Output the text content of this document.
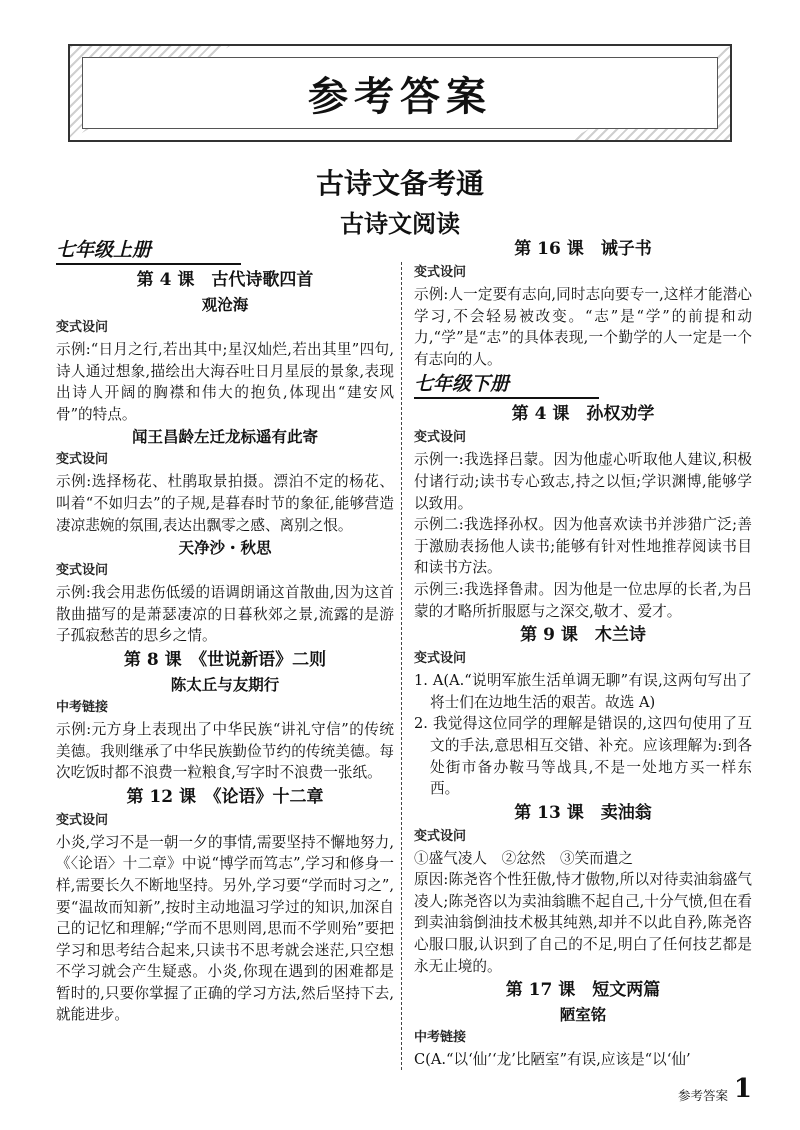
参考答案
古诗文备考通
古诗文阅读
七年级上册
第 4 课　古代诗歌四首
观沧海
变式设问
示例:“日月之行,若出其中;星汉灿烂,若出其里”四句,诗人通过想象,描绘出大海吞吐日月星辰的景象,表现出诗人开阔的胸襟和伟大的抱负,体现出“建安风骨”的特点。
闻王昌龄左迁龙标遥有此寄
变式设问
示例:选择杨花、杜鹃取景拍摄。漂泊不定的杨花、叫着“不如归去”的子规,是暮春时节的象征,能够营造凄凉悲婉的氛围,表达出飘零之感、离别之恨。
天净沙・秋思
变式设问
示例:我会用悲伤低缓的语调朗诵这首散曲,因为这首散曲描写的是萧瑟凄凉的日暮秋郊之景,流露的是游子孤寂愁苦的思乡之情。
第 8 课　《世说新语》二则
陈太丘与友期行
中考链接
示例:元方身上表现出了中华民族“讲礼守信”的传统美德。我则继承了中华民族勤俭节约的传统美德。每次吃饭时都不浪费一粒粮食,写字时不浪费一张纸。
第 12 课　《论语》十二章
变式设问
小炎,学习不是一朝一夕的事情,需要坚持不懈地努力,《〈论语〉十二章》中说“博学而笃志”,学习和修身一样,需要长久不断地坚持。另外,学习要“学而时习之”,要“温故而知新”,按时主动地温习学过的知识,加深自己的记忆和理解;“学而不思则罔,思而不学则殆”要把学习和思考结合起来,只读书不思考就会迷茫,只空想不学习就会产生疑惑。小炎,你现在遇到的困难都是暂时的,只要你掌握了正确的学习方法,然后坚持下去,就能进步。
第 16 课　诫子书
变式设问
示例:人一定要有志向,同时志向要专一,这样才能潜心学习,不会轻易被改变。“志”是“学”的前提和动力,“学”是“志”的具体表现,一个勤学的人一定是一个有志向的人。
七年级下册
第 4 课　孙权劝学
变式设问
示例一:我选择吕蒙。因为他虚心听取他人建议,积极付诸行动;读书专心致志,持之以恒;学识渊博,能够学以致用。
示例二:我选择孙权。因为他喜欢读书并涉猎广泛;善于激励表扬他人读书;能够有针对性地推荐阅读书目和读书方法。
示例三:我选择鲁肃。因为他是一位忠厚的长者,为吕蒙的才略所折服愿与之深交,敬才、爱才。
第 9 课　木兰诗
变式设问
1. A(A.“说明军旅生活单调无聊”有误,这两句写出了将士们在边地生活的艰苦。故选 A)
2. 我觉得这位同学的理解是错误的,这四句使用了互文的手法,意思相互交错、补充。应该理解为:到各处街市备办鞍马等战具,不是一处地方买一样东西。
第 13 课　卖油翁
变式设问
①盛气凌人　②忿然　③笑而遣之
原因:陈尧咨个性狂傲,恃才傲物,所以对待卖油翁盛气凌人;陈尧咨以为卖油翁瞧不起自己,十分气愤,但在看到卖油翁倒油技术极其纯熟,却并不以此自矜,陈尧咨心服口服,认识到了自己的不足,明白了任何技艺都是永无止境的。
第 17 课　短文两篇
陋室铭
中考链接
C(A.“以‘仙’‘龙’比陋室”有误,应该是“以‘仙’
参考答案 1
